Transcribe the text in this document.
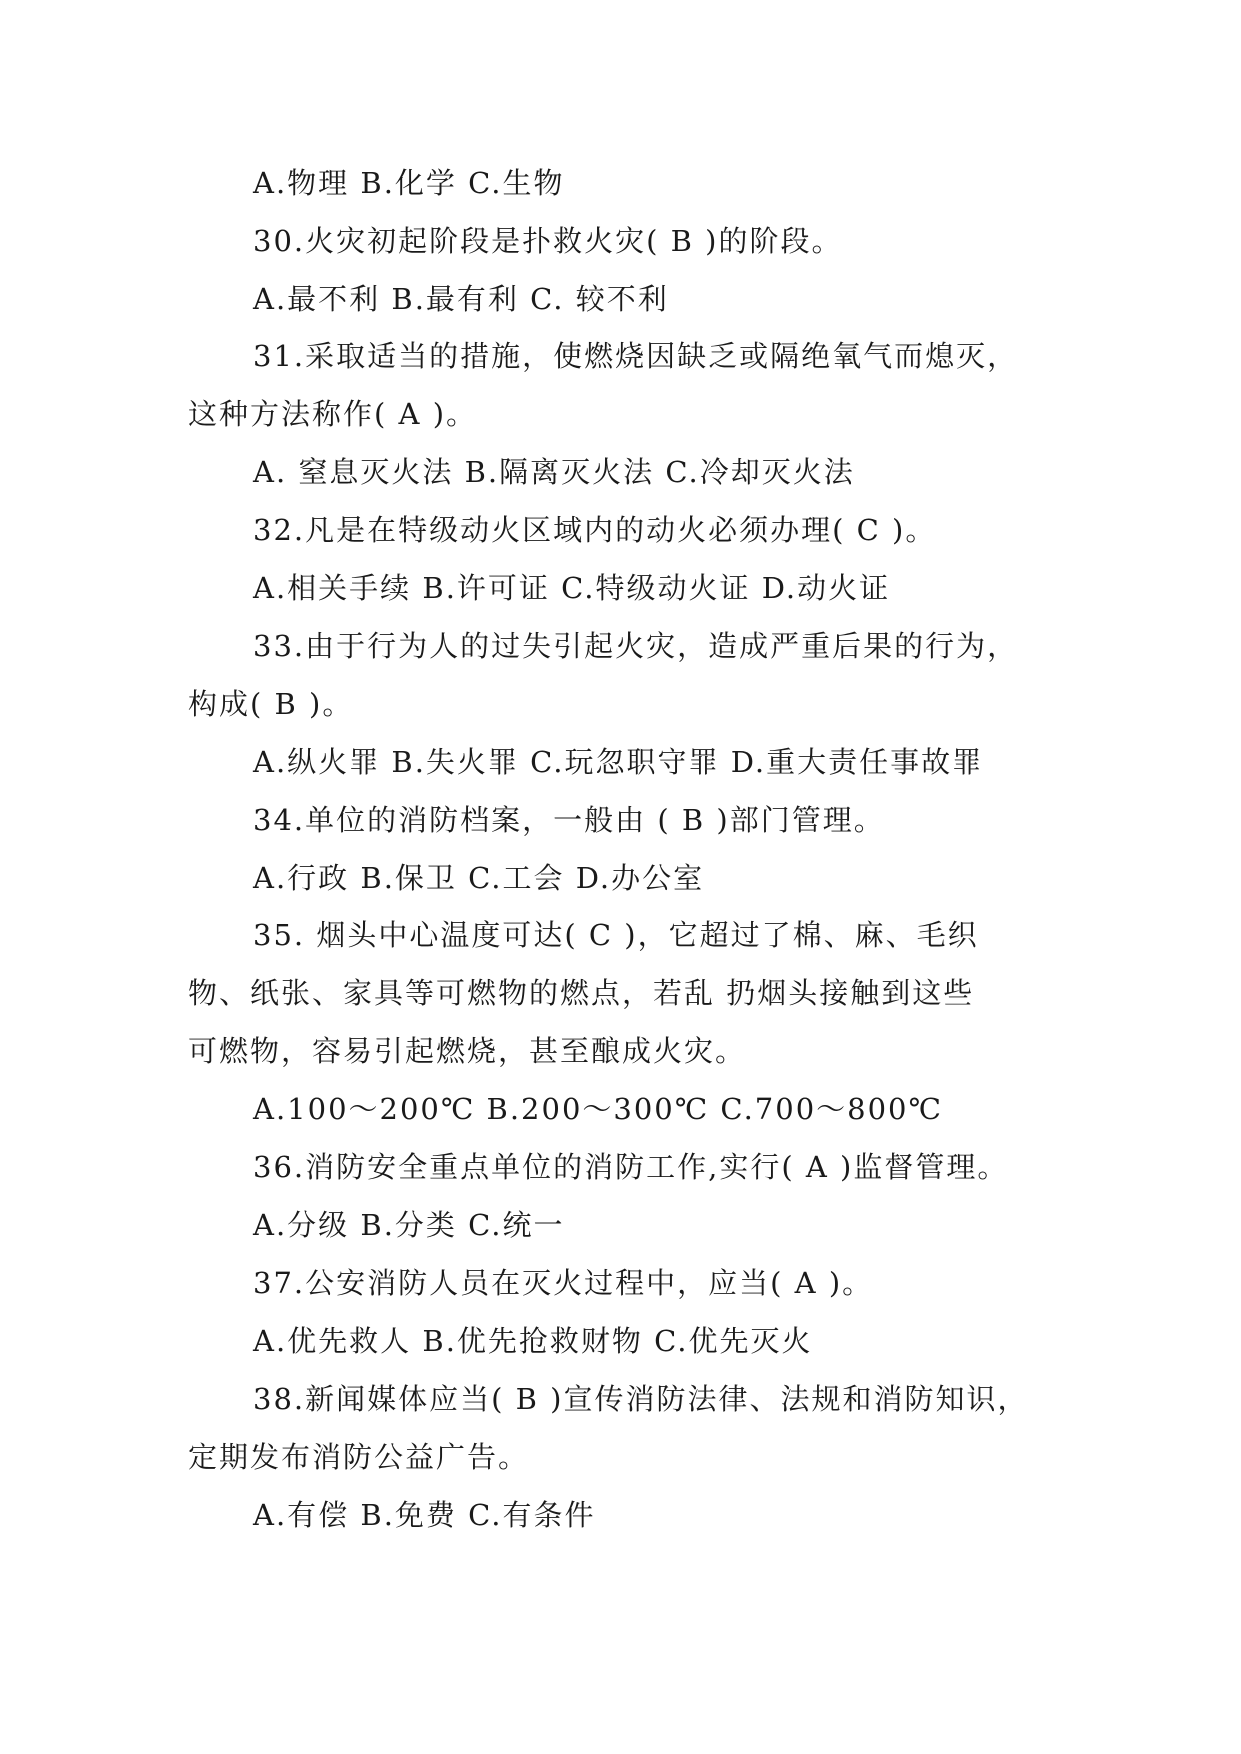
A.物理 B.化学 C.生物
30.火灾初起阶段是扑救火灾( B )的阶段。
A.最不利 B.最有利 C. 较不利
31.采取适当的措施，使燃烧因缺乏或隔绝氧气而熄灭，
这种方法称作( A )。
A. 窒息灭火法 B.隔离灭火法 C.冷却灭火法
32.凡是在特级动火区域内的动火必须办理( C )。
A.相关手续 B.许可证 C.特级动火证 D.动火证
33.由于行为人的过失引起火灾，造成严重后果的行为，
构成( B )。
A.纵火罪 B.失火罪 C.玩忽职守罪 D.重大责任事故罪
34.单位的消防档案，一般由 ( B )部门管理。
A.行政 B.保卫 C.工会 D.办公室
35. 烟头中心温度可达( C )，它超过了棉、麻、毛织
物、纸张、家具等可燃物的燃点，若乱 扔烟头接触到这些
可燃物，容易引起燃烧，甚至酿成火灾。
A.100～200℃ B.200～300℃ C.700～800℃
36.消防安全重点单位的消防工作,实行( A )监督管理。
A.分级 B.分类 C.统一
37.公安消防人员在灭火过程中，应当( A )。
A.优先救人 B.优先抢救财物 C.优先灭火
38.新闻媒体应当( B )宣传消防法律、法规和消防知识，
定期发布消防公益广告。
A.有偿 B.免费 C.有条件
